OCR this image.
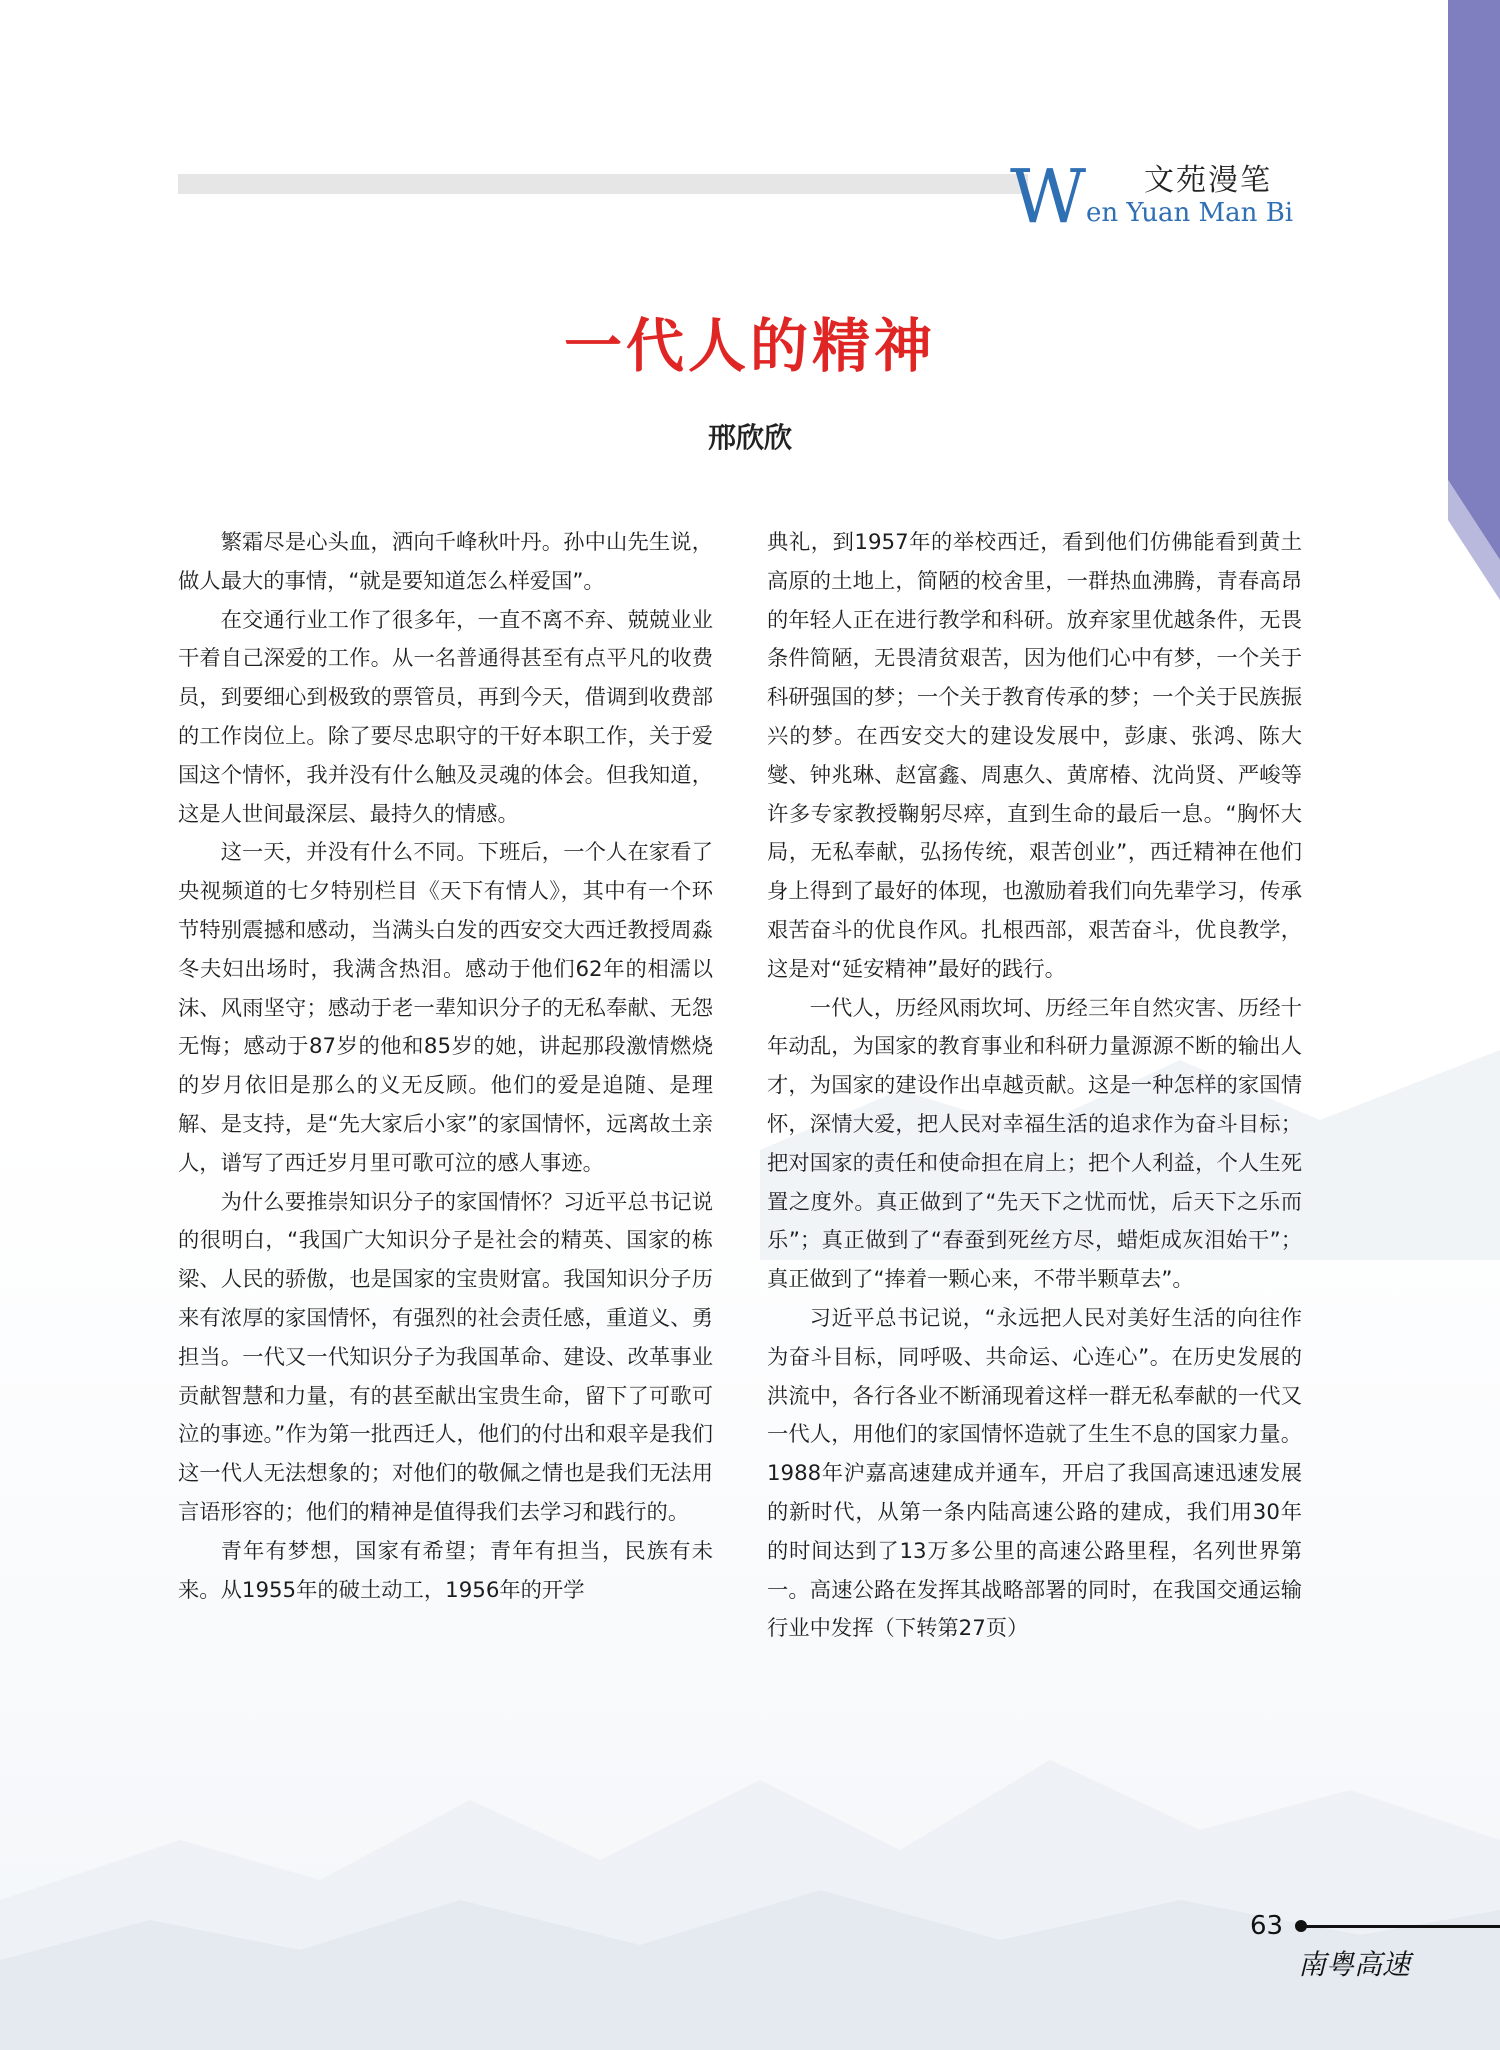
W 文苑漫笔
en Yuan Man Bi
一代人的精神
邢欣欣

繁霜尽是心头血，洒向千峰秋叶丹。孙中山先生说，做人最大的事情，“就是要知道怎么样爱国”。

在交通行业工作了很多年，一直不离不弃、兢兢业业干着自己深爱的工作。从一名普通得甚至有点平凡的收费员，到要细心到极致的票管员，再到今天，借调到收费部的工作岗位上。除了要尽忠职守的干好本职工作，关于爱国这个情怀，我并没有什么触及灵魂的体会。但我知道，这是人世间最深层、最持久的情感。

这一天，并没有什么不同。下班后，一个人在家看了央视频道的七夕特别栏目《天下有情人》，其中有一个环节特别震撼和感动，当满头白发的西安交大西迁教授周淼冬夫妇出场时，我满含热泪。感动于他们62年的相濡以沫、风雨坚守；感动于老一辈知识分子的无私奉献、无怨无悔；感动于87岁的他和85岁的她，讲起那段激情燃烧的岁月依旧是那么的义无反顾。他们的爱是追随、是理解、是支持，是“先大家后小家”的家国情怀，远离故土亲人，谱写了西迁岁月里可歌可泣的感人事迹。

为什么要推崇知识分子的家国情怀？习近平总书记说的很明白，“我国广大知识分子是社会的精英、国家的栋梁、人民的骄傲，也是国家的宝贵财富。我国知识分子历来有浓厚的家国情怀，有强烈的社会责任感，重道义、勇担当。一代又一代知识分子为我国革命、建设、改革事业贡献智慧和力量，有的甚至献出宝贵生命，留下了可歌可泣的事迹。”作为第一批西迁人，他们的付出和艰辛是我们这一代人无法想象的；对他们的敬佩之情也是我们无法用言语形容的；他们的精神是值得我们去学习和践行的。

青年有梦想，国家有希望；青年有担当，民族有未来。从1955年的破土动工，1956年的开学

典礼，到1957年的举校西迁，看到他们仿佛能看到黄土高原的土地上，简陋的校舍里，一群热血沸腾，青春高昂的年轻人正在进行教学和科研。放弃家里优越条件，无畏条件简陋，无畏清贫艰苦，因为他们心中有梦，一个关于科研强国的梦；一个关于教育传承的梦；一个关于民族振兴的梦。在西安交大的建设发展中，彭康、张鸿、陈大燮、钟兆琳、赵富鑫、周惠久、黄席椿、沈尚贤、严峻等许多专家教授鞠躬尽瘁，直到生命的最后一息。“胸怀大局，无私奉献，弘扬传统，艰苦创业”，西迁精神在他们身上得到了最好的体现，也激励着我们向先辈学习，传承艰苦奋斗的优良作风。扎根西部，艰苦奋斗，优良教学，这是对“延安精神”最好的践行。

一代人，历经风雨坎坷、历经三年自然灾害、历经十年动乱，为国家的教育事业和科研力量源源不断的输出人才，为国家的建设作出卓越贡献。这是一种怎样的家国情怀，深情大爱，把人民对幸福生活的追求作为奋斗目标；把对国家的责任和使命担在肩上；把个人利益，个人生死置之度外。真正做到了“先天下之忧而忧，后天下之乐而乐”；真正做到了“春蚕到死丝方尽，蜡炬成灰泪始干”；真正做到了“捧着一颗心来，不带半颗草去”。

习近平总书记说，“永远把人民对美好生活的向往作为奋斗目标，同呼吸、共命运、心连心”。在历史发展的洪流中，各行各业不断涌现着这样一群无私奉献的一代又一代人，用他们的家国情怀造就了生生不息的国家力量。1988年沪嘉高速建成并通车，开启了我国高速迅速发展的新时代，从第一条内陆高速公路的建成，我们用30年的时间达到了13万多公里的高速公路里程，名列世界第一。高速公路在发挥其战略部署的同时，在我国交通运输行业中发挥（下转第27页）

63
南粤高速
